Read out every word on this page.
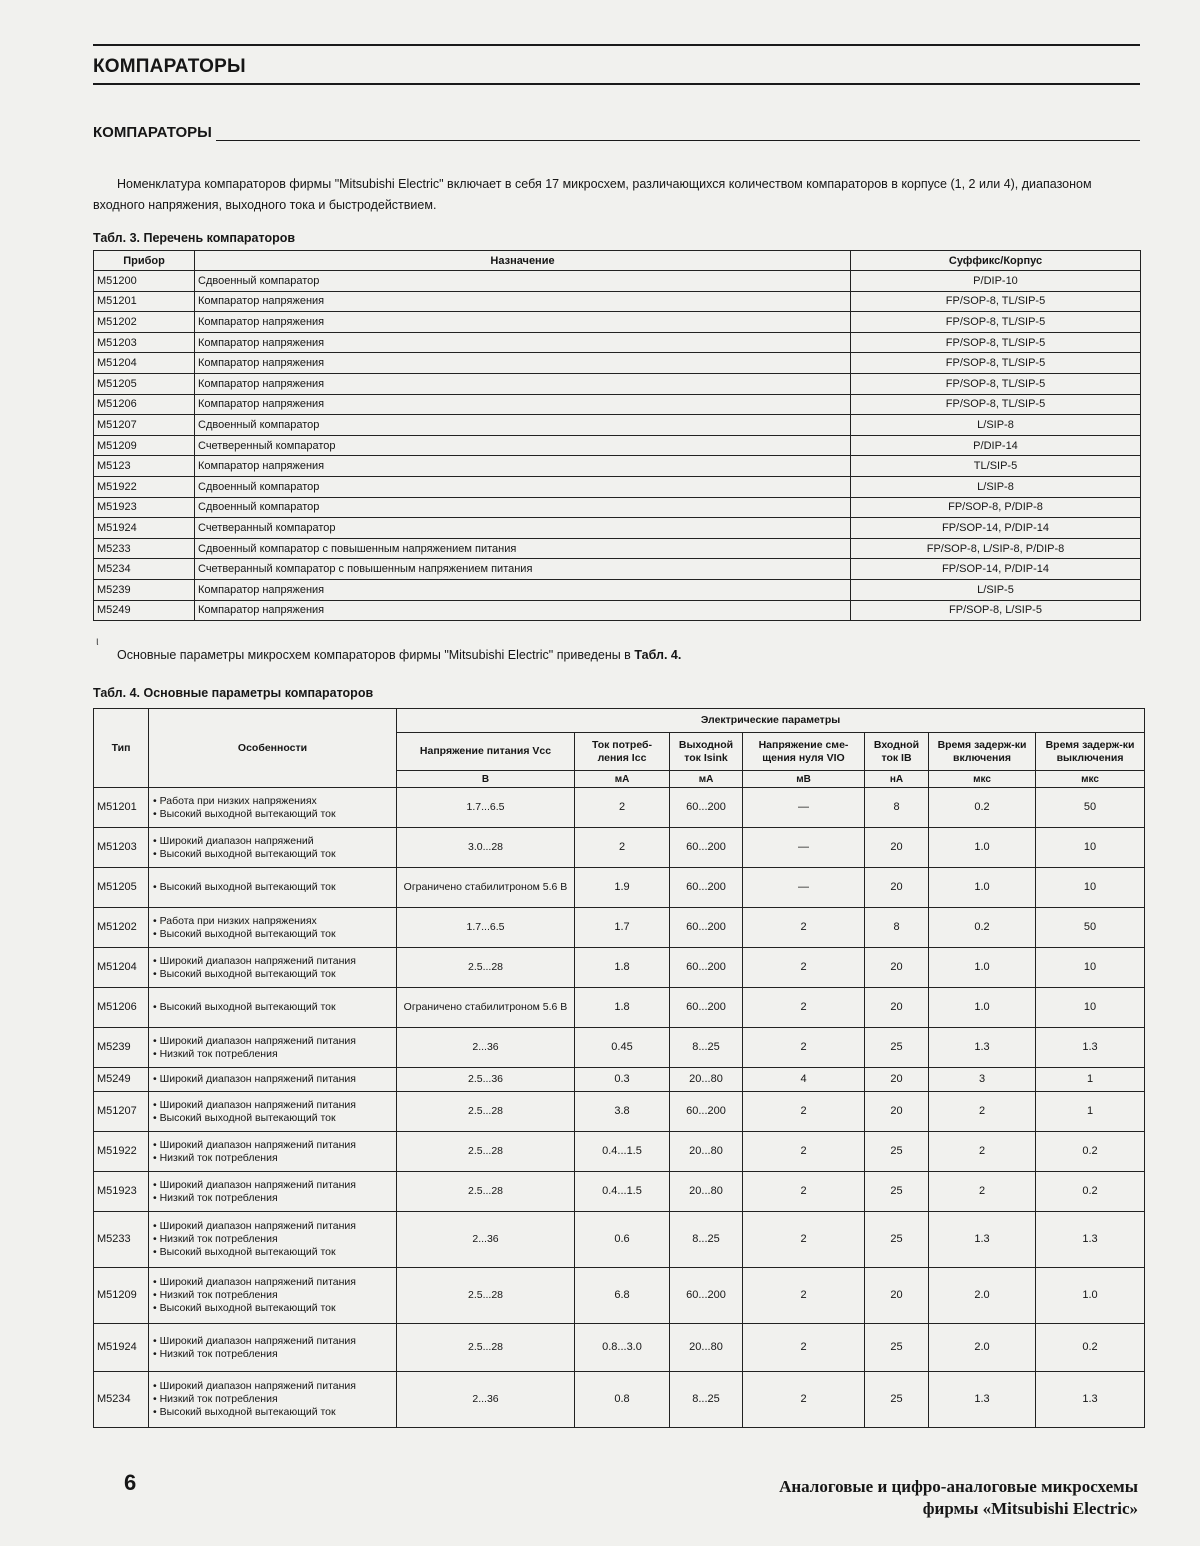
КОМПАРАТОРЫ
КОМПАРАТОРЫ
Номенклатура компараторов фирмы "Mitsubishi Electric" включает в себя 17 микросхем, различающихся количеством компараторов в корпусе (1, 2 или 4), диапазоном входного напряжения, выходного тока и быстродействием.
Табл. 3. Перечень компараторов
Прибор	Назначение	Суффикс/Корпус
M51200	Сдвоенный компаратор	P/DIP-10
M51201	Компаратор напряжения	FP/SOP-8, TL/SIP-5
M51202	Компаратор напряжения	FP/SOP-8, TL/SIP-5
M51203	Компаратор напряжения	FP/SOP-8, TL/SIP-5
M51204	Компаратор напряжения	FP/SOP-8, TL/SIP-5
M51205	Компаратор напряжения	FP/SOP-8, TL/SIP-5
M51206	Компаратор напряжения	FP/SOP-8, TL/SIP-5
M51207	Сдвоенный компаратор	L/SIP-8
M51209	Счетверенный компаратор	P/DIP-14
M5123	Компаратор напряжения	TL/SIP-5
M51922	Сдвоенный компаратор	L/SIP-8
M51923	Сдвоенный компаратор	FP/SOP-8, P/DIP-8
M51924	Счетверанный компаратор	FP/SOP-14, P/DIP-14
M5233	Сдвоенный компаратор с повышенным напряжением питания	FP/SOP-8, L/SIP-8, P/DIP-8
M5234	Счетверанный компаратор с повышенным напряжением питания	FP/SOP-14, P/DIP-14
M5239	Компаратор напряжения	L/SIP-5
M5249	Компаратор напряжения	FP/SOP-8, L/SIP-5
ι
Основные параметры микросхем компараторов фирмы "Mitsubishi Electric" приведены в Табл. 4.
Табл. 4. Основные параметры компараторов
Тип	Особенности	Электрические параметры						
		Напряжение питания Vcc	Ток потреб-ления Icc	Выходной ток Isink	Напряжение сме-щения нуля VIO	Входной ток IB	Время задерж-ки включения	Время задерж-ки выключения
		В	мА	мА	мВ	нА	мкс	мкс
M51201	• Работа при низких напряжениях
• Высокий выходной вытекающий ток	1.7...6.5	2	60...200	—	8	0.2	50
M51203	• Широкий диапазон напряжений
• Высокий выходной вытекающий ток	3.0...28	2	60...200	—	20	1.0	10
M51205	• Высокий выходной вытекающий ток	Ограничено стабилитроном 5.6 В	1.9	60...200	—	20	1.0	10
M51202	• Работа при низких напряжениях
• Высокий выходной вытекающий ток	1.7...6.5	1.7	60...200	2	8	0.2	50
M51204	• Широкий диапазон напряжений питания
• Высокий выходной вытекающий ток	2.5...28	1.8	60...200	2	20	1.0	10
M51206	• Высокий выходной вытекающий ток	Ограничено стабилитроном 5.6 В	1.8	60...200	2	20	1.0	10
M5239	• Широкий диапазон напряжений питания
• Низкий ток потребления	2...36	0.45	8...25	2	25	1.3	1.3
M5249	• Широкий диапазон напряжений питания	2.5...36	0.3	20...80	4	20	3	1
M51207	• Широкий диапазон напряжений питания
• Высокий выходной вытекающий ток	2.5...28	3.8	60...200	2	20	2	1
M51922	• Широкий диапазон напряжений питания
• Низкий ток потребления	2.5...28	0.4...1.5	20...80	2	25	2	0.2
M51923	• Широкий диапазон напряжений питания
• Низкий ток потребления	2.5...28	0.4...1.5	20...80	2	25	2	0.2
M5233	• Широкий диапазон напряжений питания
• Низкий ток потребления
• Высокий выходной вытекающий ток	2...36	0.6	8...25	2	25	1.3	1.3
M51209	• Широкий диапазон напряжений питания
• Низкий ток потребления
• Высокий выходной вытекающий ток	2.5...28	6.8	60...200	2	20	2.0	1.0
M51924	• Широкий диапазон напряжений питания
• Низкий ток потребления	2.5...28	0.8...3.0	20...80	2	25	2.0	0.2
M5234	• Широкий диапазон напряжений питания
• Низкий ток потребления
• Высокий выходной вытекающий ток	2...36	0.8	8...25	2	25	1.3	1.3
6	Аналоговые и цифро-аналоговые микросхемы
фирмы «Mitsubishi Electric»
